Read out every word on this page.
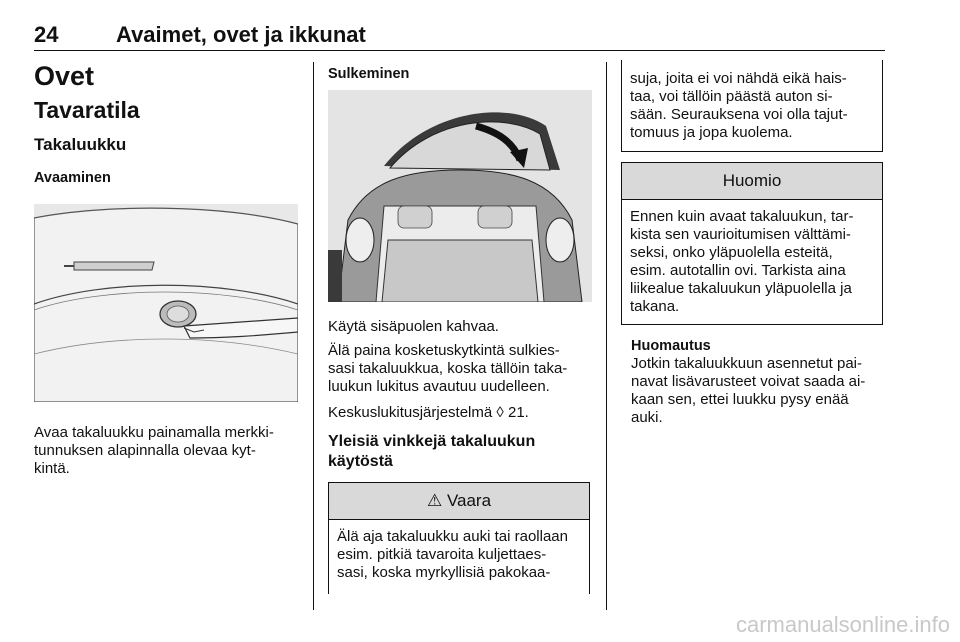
24	Avaimet, ovet ja ikkunat
Ovet
Tavaratila
Takaluukku
Avaaminen

Avaa takaluukku painamalla merkki-
tunnuksen alapinnalla olevaa kyt-
kintä.

Sulkeminen

Käytä sisäpuolen kahvaa.

Älä paina kosketuskytkintä sulkies-
sasi takaluukkua, koska tällöin taka-
luukun lukitus avautuu uudelleen.

Keskuslukitusjärjestelmä ◊ 21.

Yleisiä vinkkejä takaluukun
käytöstä
⚠ Vaara
Älä aja takaluukku auki tai raollaan
esim. pitkiä tavaroita kuljettaes-
sasi, koska myrkyllisiä pakokaa-
suja, joita ei voi nähdä eikä hais-
taa, voi tällöin päästä auton si-
sään. Seurauksena voi olla tajut-
tomuus ja jopa kuolema.
Huomio
Ennen kuin avaat takaluukun, tar-
kista sen vaurioitumisen välttämi-
seksi, onko yläpuolella esteitä,
esim. autotallin ovi. Tarkista aina
liikealue takaluukun yläpuolella ja
takana.
Huomautus

Jotkin takaluukkuun asennetut pai-
navat lisävarusteet voivat saada ai-
kaan sen, ettei luukku pysy enää
auki.

carmanualsonline.info
